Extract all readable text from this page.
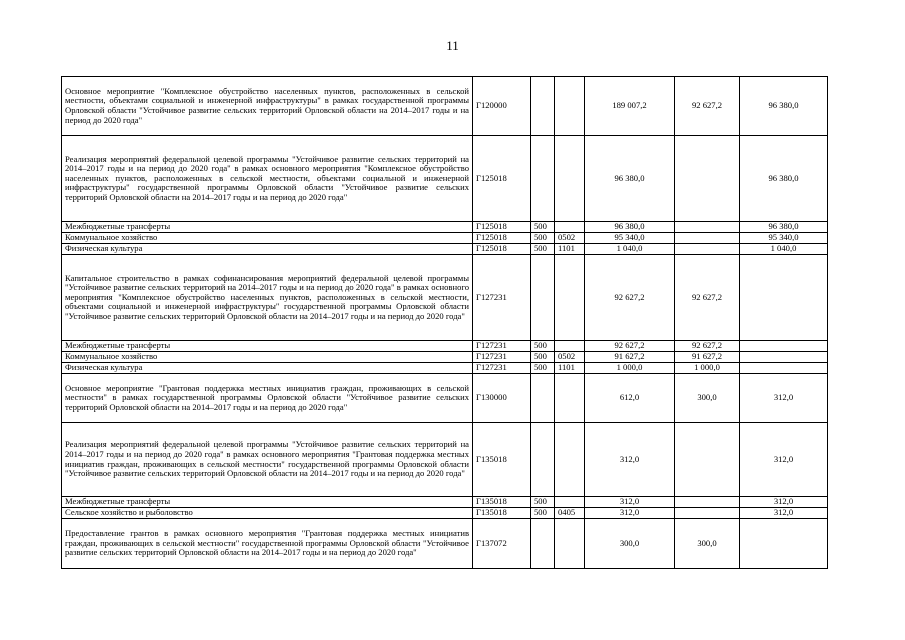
11
Основное мероприятие "Комплексное обустройство населенных пунктов, расположенных в сельской местности, объектами социальной и инженерной инфраструктуры" в рамках государственной программы Орловской области "Устойчивое развитие сельских территорий Орловской области на 2014–2017 годы и на период до 2020 года"	Г120000			189 007,2	92 627,2	96 380,0
Реализация мероприятий федеральной целевой программы "Устойчивое развитие сельских территорий на 2014–2017 годы и на период до 2020 года" в рамках основного мероприятия "Комплексное обустройство населенных пунктов, расположенных в сельской местности, объектами социальной и инженерной инфраструктуры" государственной программы Орловской области "Устойчивое развитие сельских территорий Орловской области на 2014–2017 годы и на период до 2020 года"	Г125018			96 380,0		96 380,0
Межбюджетные трансферты	Г125018	500		96 380,0		96 380,0
Коммунальное хозяйство	Г125018	500	0502	95 340,0		95 340,0
Физическая культура	Г125018	500	1101	1 040,0		1 040,0
Капитальное строительство в рамках софинансирования мероприятий федеральной целевой программы "Устойчивое развитие сельских территорий на 2014–2017 годы и на период до 2020 года" в рамках основного мероприятия "Комплексное обустройство населенных пунктов, расположенных в сельской местности, объектами социальной и инженерной инфраструктуры" государственной программы Орловской области "Устойчивое развитие сельских территорий Орловской области на 2014–2017 годы и на период до 2020 года"	Г127231			92 627,2	92 627,2	
Межбюджетные трансферты	Г127231	500		92 627,2	92 627,2	
Коммунальное хозяйство	Г127231	500	0502	91 627,2	91 627,2	
Физическая культура	Г127231	500	1101	1 000,0	1 000,0	
Основное мероприятие "Грантовая поддержка местных инициатив граждан, проживающих в сельской местности" в рамках государственной программы Орловской области "Устойчивое развитие сельских территорий Орловской области на 2014–2017 годы и на период до 2020 года"	Г130000			612,0	300,0	312,0
Реализация мероприятий федеральной целевой программы "Устойчивое развитие сельских территорий на 2014–2017 годы и на период до 2020 года" в рамках основного мероприятия "Грантовая поддержка местных инициатив граждан, проживающих в сельской местности" государственной программы Орловской области "Устойчивое развитие сельских территорий Орловской области на 2014–2017 годы и на период до 2020 года"	Г135018			312,0		312,0
Межбюджетные трансферты	Г135018	500		312,0		312,0
Сельское хозяйство и рыболовство	Г135018	500	0405	312,0		312,0
Предоставление грантов в рамках основного мероприятия "Грантовая поддержка местных инициатив граждан, проживающих в сельской местности" государственной программы Орловской области "Устойчивое развитие сельских территорий Орловской области на 2014–2017 годы и на период до 2020 года"	Г137072			300,0	300,0	
